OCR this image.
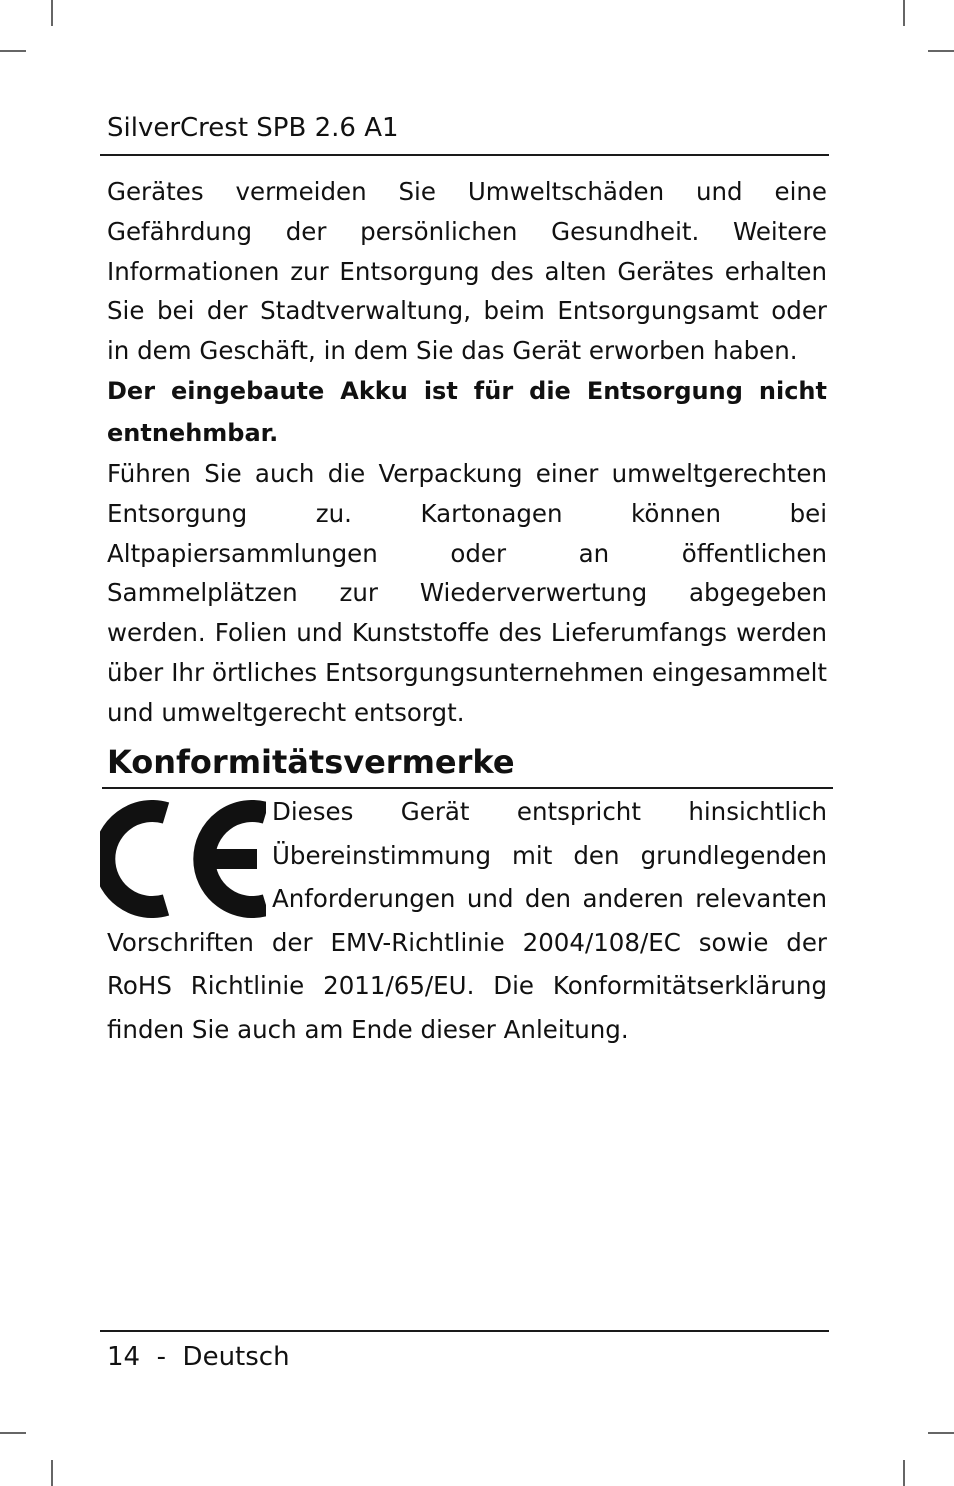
SilverCrest SPB 2.6 A1
Gerätes vermeiden Sie Umweltschäden und eine Gefährdung der persönlichen Gesundheit. Weitere Informationen zur Entsorgung des alten Gerätes erhalten Sie bei der Stadtverwaltung, beim Entsorgungsamt oder in dem Geschäft, in dem Sie das Gerät erworben haben.
Der eingebaute Akku ist für die Entsorgung nicht entnehmbar.
Führen Sie auch die Verpackung einer umweltgerechten Entsorgung zu. Kartonagen können bei Altpapiersammlungen oder an öffentlichen Sammelplätzen zur Wiederverwertung abgegeben werden. Folien und Kunststoffe des Lieferumfangs werden über Ihr örtliches Entsorgungsunternehmen eingesammelt und umweltgerecht entsorgt.
Konformitätsvermerke
Dieses Gerät entspricht hinsichtlich Übereinstimmung mit den grundlegenden Anforderungen und den anderen relevanten Vorschriften der EMV-Richtlinie 2004/108/EC sowie der RoHS Richtlinie 2011/65/EU. Die Konformitätserklärung finden Sie auch am Ende dieser Anleitung.
14 - Deutsch
